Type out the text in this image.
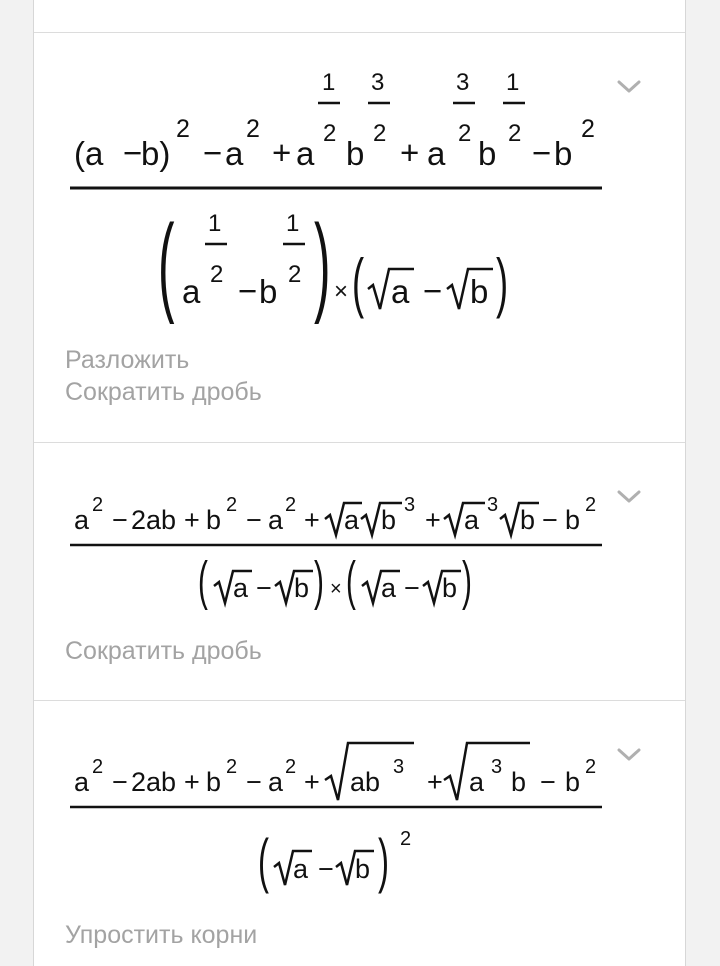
(a −
b)
2
− a
2
+ a
1
2
b
3
2
+ a
3
2
b
1
2
− b
2
( a
1
2 − b
1
2 ) × ( a − b )
Разложить
Сократить дробь
a 2 − 2ab + b 2 − a 2 + a b 3 + a 3 b − b 2
( a − b ) × ( a − b )
Сократить дробь
a 2 − 2ab + b 2 − a 2 + ab 3 + a 3 b − b 2
( a − b ) 2
Упростить корни
